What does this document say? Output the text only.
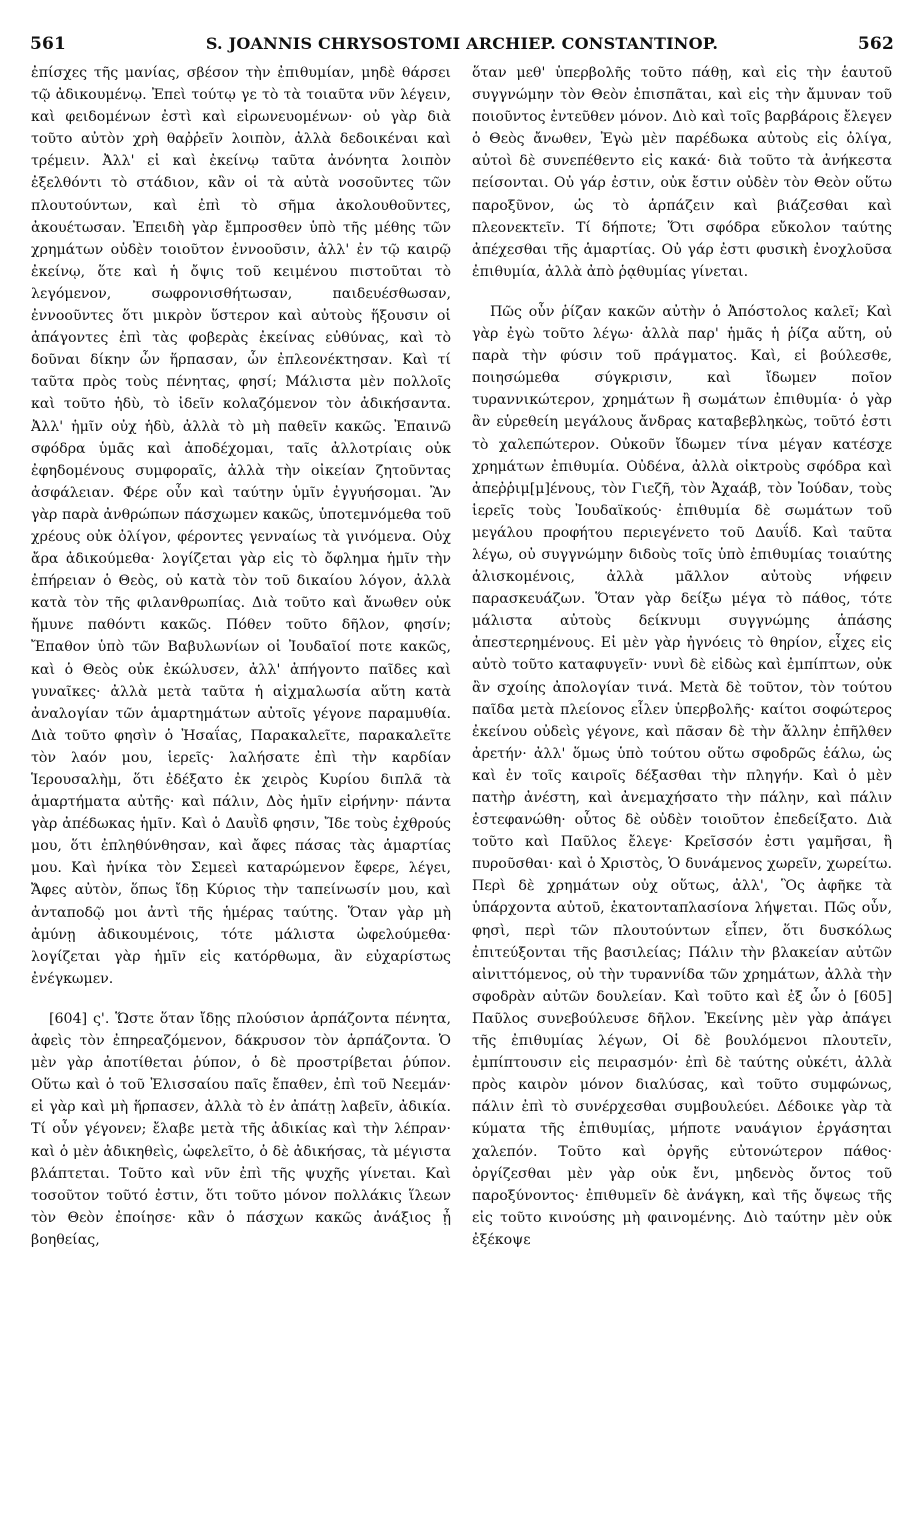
561	S. JOANNIS CHRYSOSTOMI ARCHIEP. CONSTANTINOP.	562

ἐπίσχες τῆς μανίας, σβέσον τὴν ἐπιθυμίαν, μηδὲ θάρσει τῷ ἀδικουμένῳ. Ἐπεὶ τούτῳ γε τὸ τὰ τοιαῦτα νῦν λέγειν, καὶ φειδομένων ἐστὶ καὶ εἰρωνευομένων· οὐ γὰρ διὰ τοῦτο αὐτὸν χρὴ θαῤῥεῖν λοιπὸν, ἀλλὰ δεδοικέναι καὶ τρέμειν. Ἀλλ' εἰ καὶ ἐκείνῳ ταῦτα ἀνόνητα λοιπὸν ἐξελθόντι τὸ στάδιον, κἂν οἱ τὰ αὐτὰ νοσοῦντες τῶν πλουτούντων, καὶ ἐπὶ τὸ σῆμα ἀκολουθοῦντες, ἀκουέτωσαν. Ἐπειδὴ γὰρ ἔμπροσθεν ὑπὸ τῆς μέθης τῶν χρημάτων οὐδὲν τοιοῦτον ἐννοοῦσιν, ἀλλ' ἐν τῷ καιρῷ ἐκείνῳ, ὅτε καὶ ἡ ὄψις τοῦ κειμένου πιστοῦται τὸ λεγόμενον, σωφρονισθήτωσαν, παιδευέσθωσαν, ἐννοοῦντες ὅτι μικρὸν ὕστερον καὶ αὐτοὺς ἥξουσιν οἱ ἀπάγοντες ἐπὶ τὰς φοβερὰς ἐκείνας εὐθύνας, καὶ τὸ δοῦναι δίκην ὧν ἥρπασαν, ὧν ἐπλεονέκτησαν. Καὶ τί ταῦτα πρὸς τοὺς πένητας, φησί; Μάλιστα μὲν πολλοῖς καὶ τοῦτο ἡδὺ, τὸ ἰδεῖν κολαζόμενον τὸν ἀδικήσαντα. Ἀλλ' ἡμῖν οὐχ ἡδὺ, ἀλλὰ τὸ μὴ παθεῖν κακῶς. Ἐπαινῶ σφόδρα ὑμᾶς καὶ ἀποδέχομαι, ταῖς ἀλλοτρίαις οὐκ ἐφηδομένους συμφοραῖς, ἀλλὰ τὴν οἰκείαν ζητοῦντας ἀσφάλειαν. Φέρε οὖν καὶ ταύτην ὑμῖν ἐγγυήσομαι. Ἂν γὰρ παρὰ ἀνθρώπων πάσχωμεν κακῶς, ὑποτεμνόμεθα τοῦ χρέους οὐκ ὀλίγον, φέροντες γενναίως τὰ γινόμενα. Οὐχ ἄρα ἀδικούμεθα· λογίζεται γὰρ εἰς τὸ ὄφλημα ἡμῖν τὴν ἐπήρειαν ὁ Θεὸς, οὐ κατὰ τὸν τοῦ δικαίου λόγον, ἀλλὰ κατὰ τὸν τῆς φιλανθρωπίας. Διὰ τοῦτο καὶ ἄνωθεν οὐκ ἤμυνε παθόντι κακῶς. Πόθεν τοῦτο δῆλον, φησίν; Ἔπαθον ὑπὸ τῶν Βαβυλωνίων οἱ Ἰουδαῖοί ποτε κακῶς, καὶ ὁ Θεὸς οὐκ ἐκώλυσεν, ἀλλ' ἀπήγοντο παῖδες καὶ γυναῖκες· ἀλλὰ μετὰ ταῦτα ἡ αἰχμαλωσία αὕτη κατὰ ἀναλογίαν τῶν ἁμαρτημάτων αὐτοῖς γέγονε παραμυθία. Διὰ τοῦτο φησὶν ὁ Ἠσαΐας, Παρακαλεῖτε, παρακαλεῖτε τὸν λαόν μου, ἱερεῖς· λαλήσατε ἐπὶ τὴν καρδίαν Ἱερουσαλὴμ, ὅτι ἐδέξατο ἐκ χειρὸς Κυρίου διπλᾶ τὰ ἁμαρτήματα αὐτῆς· καὶ πάλιν, Δὸς ἡμῖν εἰρήνην· πάντα γὰρ ἀπέδωκας ἡμῖν. Καὶ ὁ Δαυῒδ φησιν, Ἴδε τοὺς ἐχθρούς μου, ὅτι ἐπληθύνθησαν, καὶ ἄφες πάσας τὰς ἁμαρτίας μου. Καὶ ἡνίκα τὸν Σεμεεὶ καταρώμενον ἔφερε, λέγει, Ἄφες αὐτὸν, ὅπως ἴδῃ Κύριος τὴν ταπείνωσίν μου, καὶ ἀνταποδῷ μοι ἀντὶ τῆς ἡμέρας ταύτης. Ὅταν γὰρ μὴ ἀμύνῃ ἀδικουμένοις, τότε μάλιστα ὠφελούμεθα· λογίζεται γὰρ ἡμῖν εἰς κατόρθωμα, ἂν εὐχαρίστως ἐνέγκωμεν.

[604] ς'. Ὥστε ὅταν ἴδῃς πλούσιον ἁρπάζοντα πένητα, ἀφεὶς τὸν ἐπηρεαζόμενον, δάκρυσον τὸν ἁρπάζοντα. Ὁ μὲν γὰρ ἀποτίθεται ῥύπον, ὁ δὲ προστρίβεται ῥύπον. Οὕτω καὶ ὁ τοῦ Ἐλισσαίου παῖς ἔπαθεν, ἐπὶ τοῦ Νεεμάν· εἰ γὰρ καὶ μὴ ἥρπασεν, ἀλλὰ τὸ ἐν ἀπάτῃ λαβεῖν, ἀδικία. Τί οὖν γέγονεν; ἔλαβε μετὰ τῆς ἀδικίας καὶ τὴν λέπραν· καὶ ὁ μὲν ἀδικηθεὶς, ὠφελεῖτο, ὁ δὲ ἀδικήσας, τὰ μέγιστα βλάπτεται. Τοῦτο καὶ νῦν ἐπὶ τῆς ψυχῆς γίνεται. Καὶ τοσοῦτον τοῦτό ἐστιν, ὅτι τοῦτο μόνον πολλάκις ἵλεων τὸν Θεὸν ἐποίησε· κἂν ὁ πάσχων κακῶς ἀνάξιος ᾖ βοηθείας,

ὅταν μεθ' ὑπερβολῆς τοῦτο πάθῃ, καὶ εἰς τὴν ἑαυτοῦ συγγνώμην τὸν Θεὸν ἐπισπᾶται, καὶ εἰς τὴν ἄμυναν τοῦ ποιοῦντος ἐντεῦθεν μόνον. Διὸ καὶ τοῖς βαρβάροις ἔλεγεν ὁ Θεὸς ἄνωθεν, Ἐγὼ μὲν παρέδωκα αὐτοὺς εἰς ὀλίγα, αὐτοὶ δὲ συνεπέθεντο εἰς κακά· διὰ τοῦτο τὰ ἀνήκεστα πείσονται. Οὐ γάρ ἐστιν, οὐκ ἔστιν οὐδὲν τὸν Θεὸν οὕτω παροξῦνον, ὡς τὸ ἁρπάζειν καὶ βιάζεσθαι καὶ πλεονεκτεῖν. Τί δήποτε; Ὅτι σφόδρα εὔκολον ταύτης ἀπέχεσθαι τῆς ἁμαρτίας. Οὐ γάρ ἐστι φυσικὴ ἐνοχλοῦσα ἐπιθυμία, ἀλλὰ ἀπὸ ῥᾳθυμίας γίνεται.

Πῶς οὖν ῥίζαν κακῶν αὐτὴν ὁ Ἀπόστολος καλεῖ; Καὶ γὰρ ἐγὼ τοῦτο λέγω· ἀλλὰ παρ' ἡμᾶς ἡ ῥίζα αὕτη, οὐ παρὰ τὴν φύσιν τοῦ πράγματος. Καὶ, εἰ βούλεσθε, ποιησώμεθα σύγκρισιν, καὶ ἴδωμεν ποῖον τυραννικώτερον, χρημάτων ἢ σωμάτων ἐπιθυμία· ὁ γὰρ ἂν εὑρεθείη μεγάλους ἄνδρας καταβεβληκὼς, τοῦτό ἐστι τὸ χαλεπώτερον. Οὐκοῦν ἴδωμεν τίνα μέγαν κατέσχε χρημάτων ἐπιθυμία. Οὐδένα, ἀλλὰ οἰκτροὺς σφόδρα καὶ ἀπεῤῥιμ[μ]ένους, τὸν Γιεζῆ, τὸν Ἀχαάβ, τὸν Ἰούδαν, τοὺς ἱερεῖς τοὺς Ἰουδαϊκούς· ἐπιθυμία δὲ σωμάτων τοῦ μεγάλου προφήτου περιεγένετο τοῦ Δαυΐδ. Καὶ ταῦτα λέγω, οὐ συγγνώμην διδοὺς τοῖς ὑπὸ ἐπιθυμίας τοιαύτης ἁλισκομένοις, ἀλλὰ μᾶλλον αὐτοὺς νήφειν παρασκευάζων. Ὅταν γὰρ δείξω μέγα τὸ πάθος, τότε μάλιστα αὐτοὺς δείκνυμι συγγνώμης ἁπάσης ἀπεστερημένους. Εἰ μὲν γὰρ ἠγνόεις τὸ θηρίον, εἶχες εἰς αὐτὸ τοῦτο καταφυγεῖν· νυνὶ δὲ εἰδὼς καὶ ἐμπίπτων, οὐκ ἂν σχοίης ἀπολογίαν τινά. Μετὰ δὲ τοῦτον, τὸν τούτου παῖδα μετὰ πλείονος εἶλεν ὑπερβολῆς· καίτοι σοφώτερος ἐκείνου οὐδεὶς γέγονε, καὶ πᾶσαν δὲ τὴν ἄλλην ἐπῆλθεν ἀρετήν· ἀλλ' ὅμως ὑπὸ τούτου οὕτω σφοδρῶς ἑάλω, ὡς καὶ ἐν τοῖς καιροῖς δέξασθαι τὴν πληγήν. Καὶ ὁ μὲν πατὴρ ἀνέστη, καὶ ἀνεμαχήσατο τὴν πάλην, καὶ πάλιν ἐστεφανώθη· οὗτος δὲ οὐδὲν τοιοῦτον ἐπεδείξατο. Διὰ τοῦτο καὶ Παῦλος ἔλεγε· Κρεῖσσόν ἐστι γαμῆσαι, ἢ πυροῦσθαι· καὶ ὁ Χριστὸς, Ὁ δυνάμενος χωρεῖν, χωρείτω. Περὶ δὲ χρημάτων οὐχ οὕτως, ἀλλ', Ὃς ἀφῆκε τὰ ὑπάρχοντα αὐτοῦ, ἑκατονταπλασίονα λήψεται. Πῶς οὖν, φησὶ, περὶ τῶν πλουτούντων εἶπεν, ὅτι δυσκόλως ἐπιτεύξονται τῆς βασιλείας; Πάλιν τὴν βλακείαν αὐτῶν αἰνιττόμενος, οὐ τὴν τυραννίδα τῶν χρημάτων, ἀλλὰ τὴν σφοδρὰν αὐτῶν δουλείαν. Καὶ τοῦτο καὶ ἐξ ὧν ὁ [605] Παῦλος συνεβούλευσε δῆλον. Ἐκείνης μὲν γὰρ ἀπάγει τῆς ἐπιθυμίας λέγων, Οἱ δὲ βουλόμενοι πλουτεῖν, ἐμπίπτουσιν εἰς πειρασμόν· ἐπὶ δὲ ταύτης οὐκέτι, ἀλλὰ πρὸς καιρὸν μόνον διαλύσας, καὶ τοῦτο συμφώνως, πάλιν ἐπὶ τὸ συνέρχεσθαι συμβουλεύει. Δέδοικε γὰρ τὰ κύματα τῆς ἐπιθυμίας, μήποτε ναυάγιον ἐργάσηται χαλεπόν. Τοῦτο καὶ ὀργῆς εὐτονώτερον πάθος· ὀργίζεσθαι μὲν γὰρ οὐκ ἔνι, μηδενὸς ὄντος τοῦ παροξύνοντος· ἐπιθυμεῖν δὲ ἀνάγκη, καὶ τῆς ὄψεως τῆς εἰς τοῦτο κινούσης μὴ φαινομένης. Διὸ ταύτην μὲν οὐκ ἐξέκοψε
